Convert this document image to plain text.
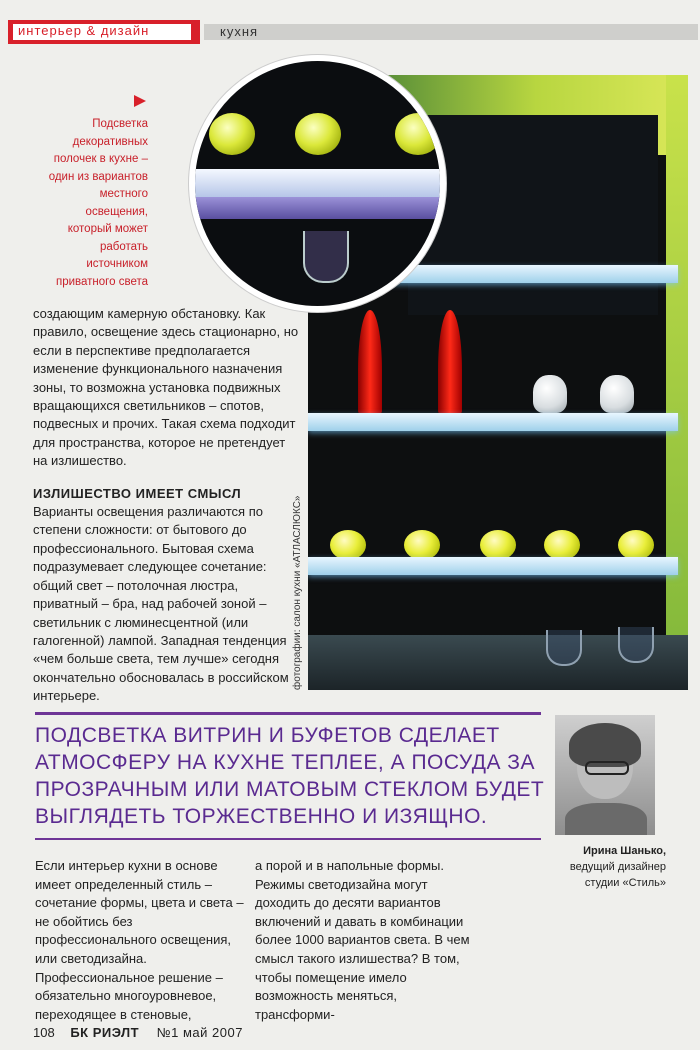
интерьер & дизайн	кухня
фотографии: салон кухни «АТЛАСЛЮКС»
Подсветка декоративных полочек в кухне – один из вариантов местного освещения, который может работать источником приватного света

создающим камерную обстановку. Как правило, освещение здесь стационарно, но если в перспективе предполагается изменение функционального назначения зоны, то возможна установка подвижных вращающихся светильников – спотов, подвесных и прочих. Такая схема подходит для пространства, которое не претендует на излишество.

ИЗЛИШЕСТВО ИМЕЕТ СМЫСЛ

Варианты освещения различаются по степени сложности: от бытового до профессионального. Бытовая схема подразумевает следующее сочетание: общий свет – потолочная люстра, приватный – бра, над рабочей зоной – светильник с люминесцентной (или галогенной) лампой. Западная тенденция «чем больше света, тем лучше» сегодня окончательно обосновалась в российском интерьере.

ПОДСВЕТКА ВИТРИН И БУФЕТОВ СДЕЛАЕТ АТМОСФЕРУ НА КУХНЕ ТЕПЛЕЕ, А ПОСУДА ЗА ПРОЗРАЧНЫМ ИЛИ МАТОВЫМ СТЕКЛОМ БУДЕТ ВЫГЛЯДЕТЬ ТОРЖЕСТВЕННО И ИЗЯЩНО.
Ирина Шанько,
ведущий дизайнер студии «Стиль»
Если интерьер кухни в основе имеет определенный стиль – сочетание формы, цвета и света – не обойтись без профессионального освещения, или светодизайна. Профессиональное решение – обязательно многоуровневое, переходящее в стеновые,
а порой и в напольные формы. Режимы светодизайна могут доходить до десяти вариантов включений и давать в комбинации более 1000 вариантов света. В чем смысл такого излишества? В том, чтобы помещение имело возможность меняться, трансформи-
108 БК РИЭЛТ №1 май 2007
